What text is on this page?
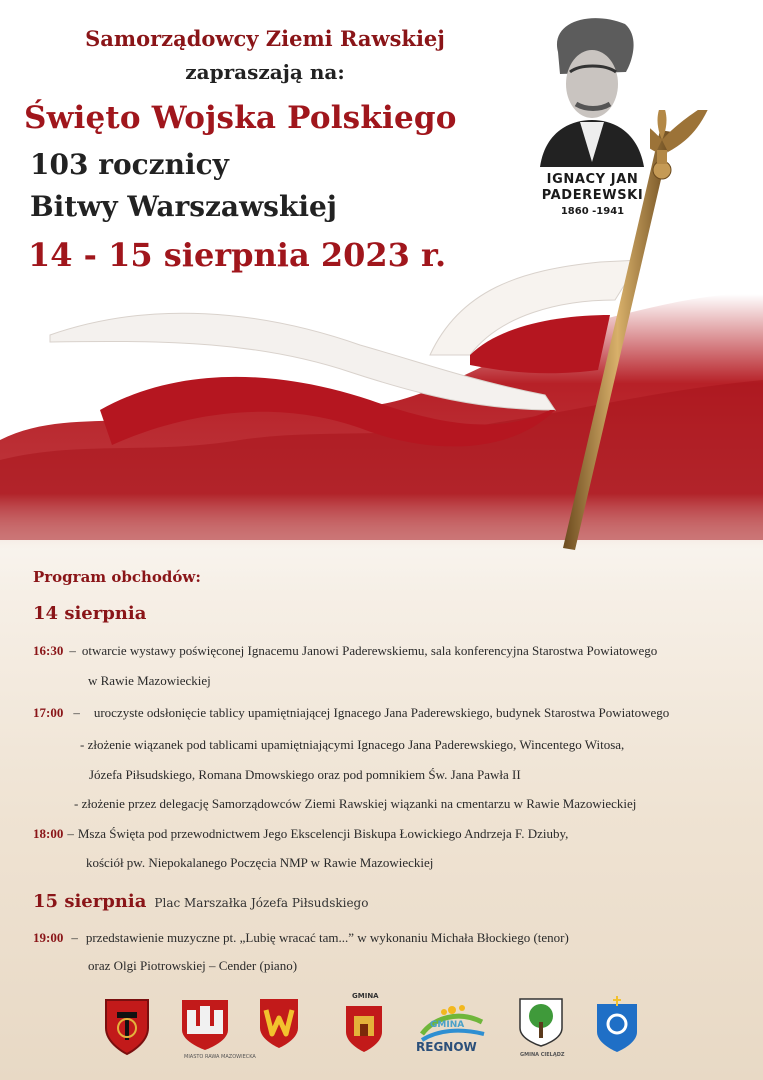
Samorządowcy Ziemi Rawskiej
zapraszają na:
Święto Wojska Polskiego
103 rocznicy
Bitwy Warszawskiej
14 - 15 sierpnia 2023 r.
IGNACY JAN
PADEREWSKI
1860 -1941
Program obchodów:
14 sierpnia
16:30 – otwarcie wystawy poświęconej Ignacemu Janowi Paderewskiemu, sala konferencyjna Starostwa Powiatowego
w Rawie Mazowieckiej
17:00 – uroczyste odsłonięcie tablicy upamiętniającej Ignacego Jana Paderewskiego, budynek Starostwa Powiatowego
- złożenie wiązanek pod tablicami upamiętniającymi Ignacego Jana Paderewskiego, Wincentego Witosa,
Józefa Piłsudskiego, Romana Dmowskiego oraz pod pomnikiem Św. Jana Pawła II
- złożenie przez delegację Samorządowców Ziemi Rawskiej wiązanki na cmentarzu w Rawie Mazowieckiej
18:00 – Msza Święta pod przewodnictwem Jego Ekscelencji Biskupa Łowickiego Andrzeja F. Dziuby,
kościół pw. Niepokalanego Poczęcia NMP w Rawie Mazowieckiej
15 sierpnia Plac Marszałka Józefa Piłsudskiego
19:00 – przedstawienie muzyczne pt. „Lubię wracać tam...” w wykonaniu Michała Błockiego (tenor)
oraz Olgi Piotrowskiej – Cender (piano)
MIASTO RAWA MAZOWIECKA
GMINA
GMINA
REGNOW
GMINA CIELĄDZ
